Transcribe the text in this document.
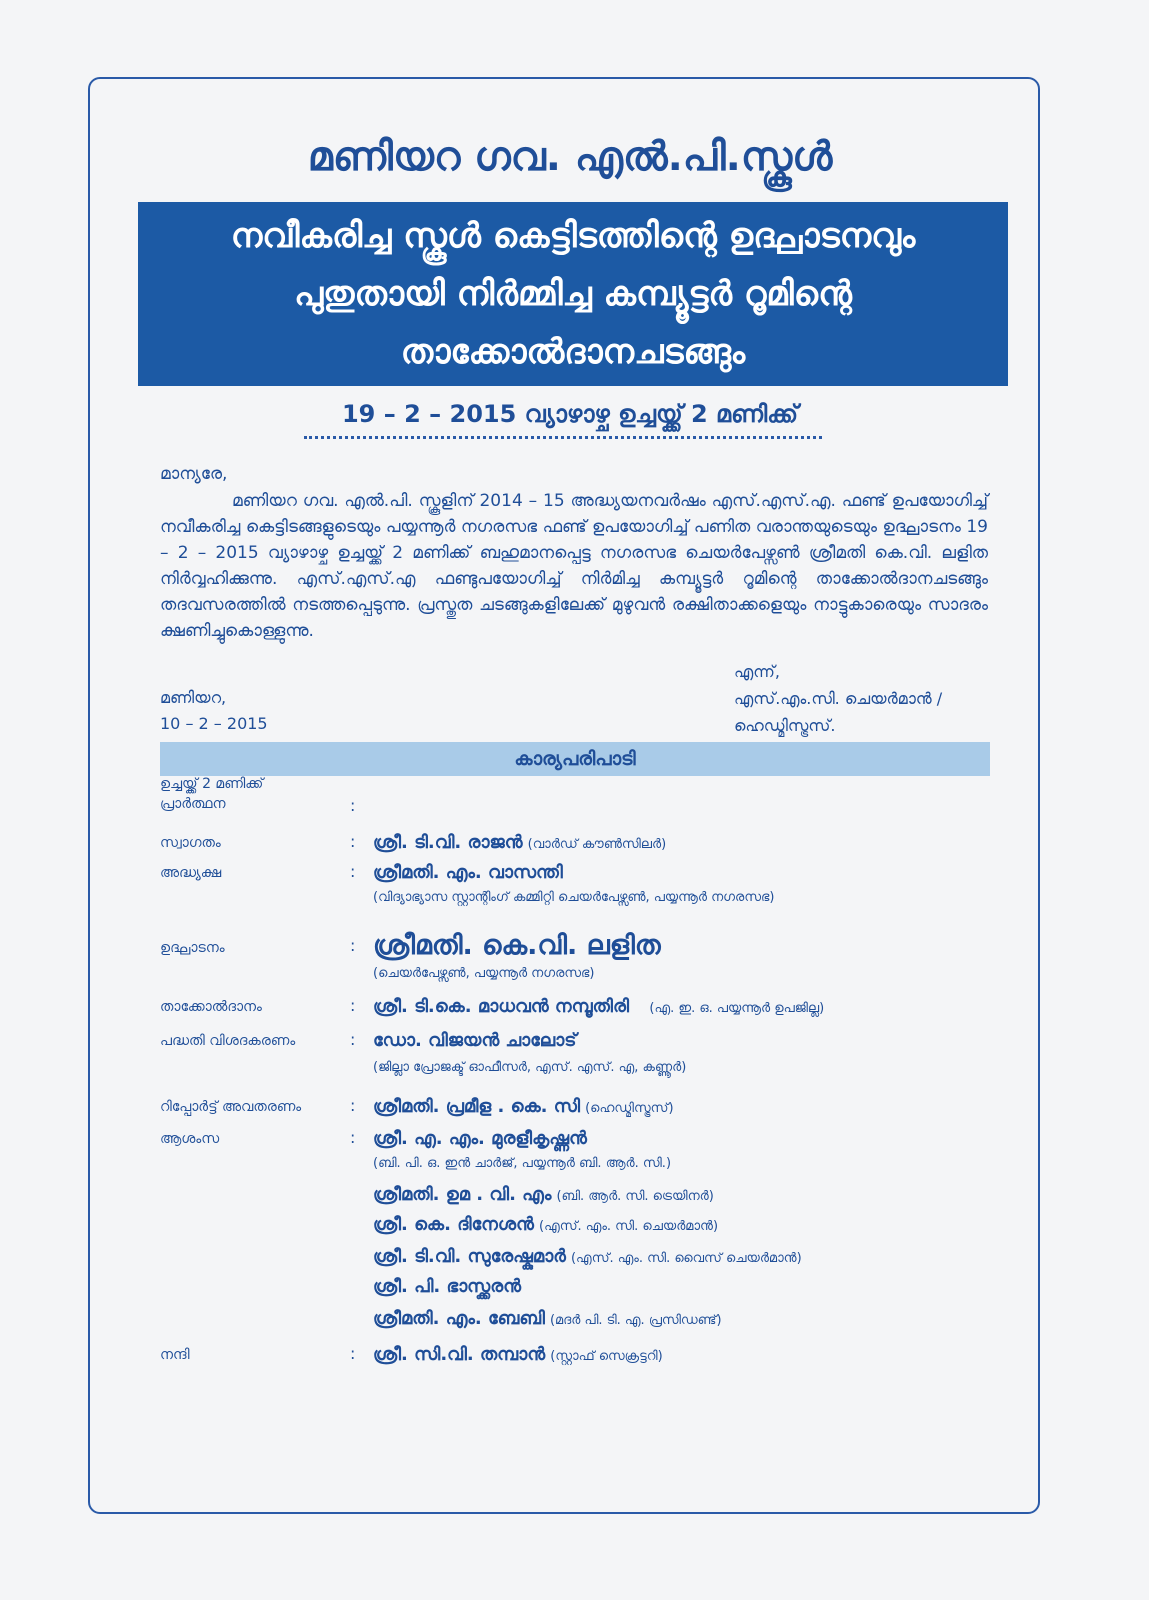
മണിയറ ഗവ. എൽ.പി.സ്കൂൾ
നവീകരിച്ച സ്കൂൾ കെട്ടിടത്തിന്റെ ഉദ്ഘാടനവും
പുതുതായി നിർമ്മിച്ച കമ്പ്യൂട്ടർ റൂമിന്റെ
താക്കോൽദാനചടങ്ങും
19 – 2 – 2015 വ്യാഴാഴ്ച ഉച്ചയ്ക്ക് 2 മണിക്ക്
മാന്യരേ,
മണിയറ ഗവ. എൽ.പി. സ്കൂളിന് 2014 – 15 അദ്ധ്യയനവർഷം എസ്.എസ്.എ. ഫണ്ട് ഉപയോഗിച്ച് നവീകരിച്ച കെട്ടിടങ്ങളുടെയും പയ്യന്നൂർ നഗരസഭ ഫണ്ട് ഉപയോഗിച്ച് പണിത വരാന്തയുടെയും ഉദ്ഘാടനം 19 – 2 – 2015 വ്യാഴാഴ്ച ഉച്ചയ്ക്ക് 2 മണിക്ക് ബഹുമാനപ്പെട്ട നഗരസഭ ചെയർപേഴ്സൺ ശ്രീമതി കെ.വി. ലളിത നിർവ്വഹിക്കുന്നു. എസ്.എസ്.എ ഫണ്ടുപയോഗിച്ച് നിർമിച്ച കമ്പ്യൂട്ടർ റൂമിന്റെ താക്കോൽദാനചടങ്ങും തദവസരത്തിൽ നടത്തപ്പെടുന്നു. പ്രസ്തുത ചടങ്ങുകളിലേക്ക് മുഴുവൻ രക്ഷിതാക്കളെയും നാട്ടുകാരെയും സാദരം ക്ഷണിച്ചുകൊള്ളുന്നു.
മണിയറ,
10 – 2 – 2015
എന്ന്,
എസ്.എം.സി. ചെയർമാൻ /
ഹെഡ്മിസ്ട്രസ്.
കാര്യപരിപാടി
ഉച്ചയ്ക്ക് 2 മണിക്ക്
പ്രാർത്ഥന	:
സ്വാഗതം	: ശ്രീ. ടി.വി. രാജൻ (വാർഡ് കൗൺസിലർ)
അദ്ധ്യക്ഷ	: ശ്രീമതി. എം. വാസന്തി
(വിദ്യാഭ്യാസ സ്റ്റാന്റിംഗ് കമ്മിറ്റി ചെയർപേഴ്സൺ, പയ്യന്നൂർ നഗരസഭ)
ഉദ്ഘാടനം	: ശ്രീമതി. കെ.വി. ലളിത
(ചെയർപേഴ്സൺ, പയ്യന്നൂർ നഗരസഭ)
താക്കോൽദാനം	: ശ്രീ. ടി.കെ. മാധവൻ നമ്പൂതിരി (എ. ഇ. ഒ. പയ്യന്നൂർ ഉപജില്ല)
പദ്ധതി വിശദകരണം	: ഡോ. വിജയൻ ചാലോട്
(ജില്ലാ പ്രോജക്ട് ഓഫീസർ, എസ്. എസ്. എ, കണ്ണൂർ)
റിപ്പോർട്ട് അവതരണം	: ശ്രീമതി. പ്രമീള . കെ. സി (ഹെഡ്മിസ്ട്രസ്)
ആശംസ	: ശ്രീ. എ. എം. മുരളീകൃഷ്ണൻ
(ബി. പി. ഒ. ഇൻ ചാർജ്, പയ്യന്നൂർ ബി. ആർ. സി.)
ശ്രീമതി. ഉമ . വി. എം (ബി. ആർ. സി. ട്രെയിനർ)
ശ്രീ. കെ. ദിനേശൻ (എസ്. എം. സി. ചെയർമാൻ)
ശ്രീ. ടി.വി. സുരേഷ്കുമാർ (എസ്. എം. സി. വൈസ് ചെയർമാൻ)
ശ്രീ. പി. ഭാസ്ക്കരൻ
ശ്രീമതി. എം. ബേബി (മദർ പി. ടി. എ. പ്രസിഡണ്ട്)
നന്ദി	: ശ്രീ. സി.വി. തമ്പാൻ (സ്റ്റാഫ് സെക്രട്ടറി)
